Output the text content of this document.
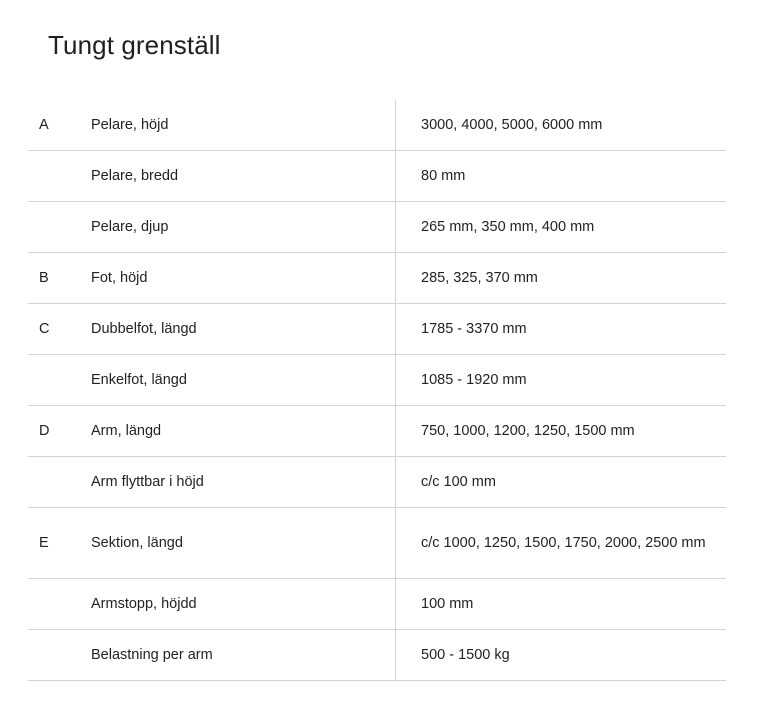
Tungt grenställ
A	Pelare, höjd	3000, 4000, 5000, 6000 mm
	Pelare, bredd	80 mm
	Pelare, djup	265 mm, 350 mm, 400 mm
B	Fot, höjd	285, 325, 370 mm
C	Dubbelfot, längd	1785 - 3370 mm
	Enkelfot, längd	1085 - 1920 mm
D	Arm, längd	750, 1000, 1200, 1250, 1500 mm
	Arm flyttbar i höjd	c/c 100 mm
E	Sektion, längd	c/c 1000, 1250, 1500, 1750, 2000, 2500 mm
	Armstopp, höjdd	100 mm
	Belastning per arm	500 - 1500 kg
